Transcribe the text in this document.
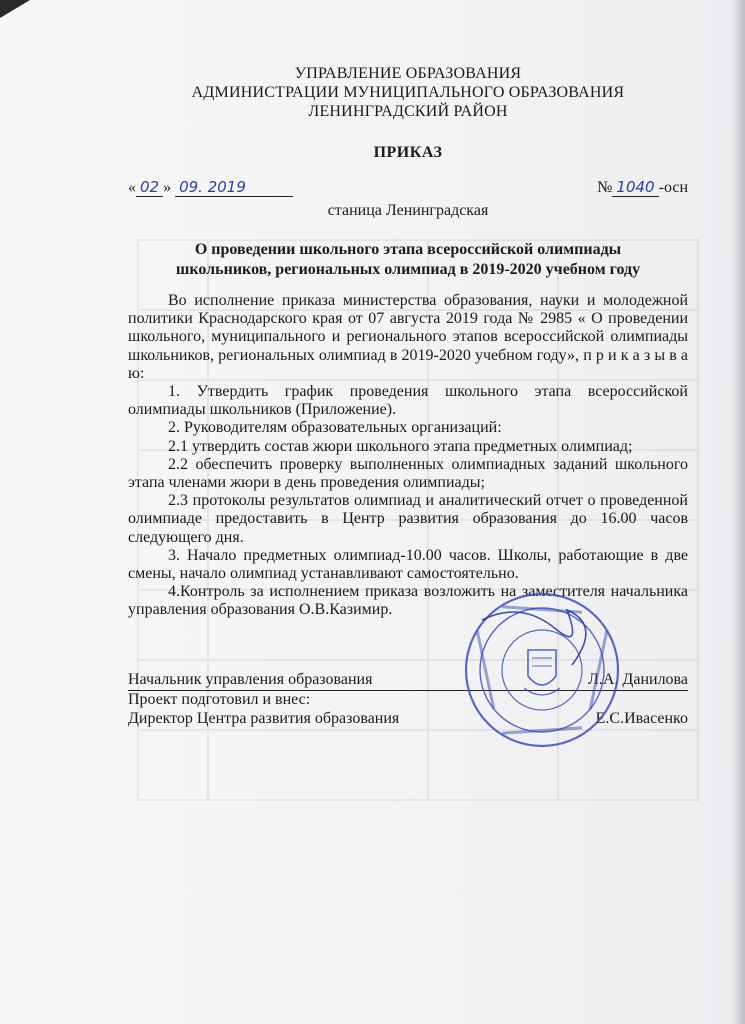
УПРАВЛЕНИЕ ОБРАЗОВАНИЯ
АДМИНИСТРАЦИИ МУНИЦИПАЛЬНОГО ОБРАЗОВАНИЯ
ЛЕНИНГРАДСКИЙ РАЙОН
ПРИКАЗ
« 02 » 09. 2019	№ 1040 -осн
станица Ленинградская
О проведении школьного этапа всероссийской олимпиады
школьников, региональных олимпиад в 2019-2020 учебном году

Во исполнение приказа министерства образования, науки и молодежной политики Краснодарского края от 07 августа 2019 года № 2985 « О проведении школьного, муниципального и регионального этапов всероссийской олимпиады школьников, региональных олимпиад в 2019-2020 учебном году», п р и к а з ы в а ю:

1. Утвердить график проведения школьного этапа всероссийской олимпиады школьников (Приложение).

2. Руководителям образовательных организаций:

2.1 утвердить состав жюри школьного этапа предметных олимпиад;

2.2 обеспечить проверку выполненных олимпиадных заданий школьного этапа членами жюри в день проведения олимпиады;

2.3 протоколы результатов олимпиад и аналитический отчет о проведенной олимпиаде предоставить в Центр развития образования до 16.00 часов следующего дня.

3. Начало предметных олимпиад-10.00 часов. Школы, работающие в две смены, начало олимпиад устанавливают самостоятельно.

4.Контроль за исполнением приказа возложить на заместителя начальника управления образования О.В.Казимир.

Начальник управления образования	Л.А. Данилова
Проект подготовил и внес:
Директор Центра развития образования	Е.С.Ивасенко
